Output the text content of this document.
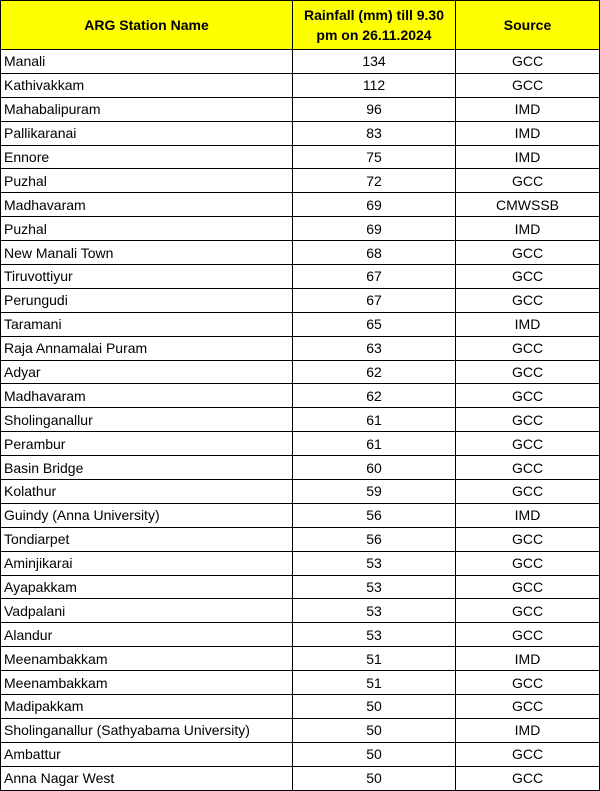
ARG Station Name	Rainfall (mm) till 9.30 pm on 26.11.2024	Source
Manali	134	GCC
Kathivakkam	112	GCC
Mahabalipuram	96	IMD
Pallikaranai	83	IMD
Ennore	75	IMD
Puzhal	72	GCC
Madhavaram	69	CMWSSB
Puzhal	69	IMD
New Manali Town	68	GCC
Tiruvottiyur	67	GCC
Perungudi	67	GCC
Taramani	65	IMD
Raja Annamalai Puram	63	GCC
Adyar	62	GCC
Madhavaram	62	GCC
Sholinganallur	61	GCC
Perambur	61	GCC
Basin Bridge	60	GCC
Kolathur	59	GCC
Guindy (Anna University)	56	IMD
Tondiarpet	56	GCC
Aminjikarai	53	GCC
Ayapakkam	53	GCC
Vadpalani	53	GCC
Alandur	53	GCC
Meenambakkam	51	IMD
Meenambakkam	51	GCC
Madipakkam	50	GCC
Sholinganallur (Sathyabama University)	50	IMD
Ambattur	50	GCC
Anna Nagar West	50	GCC
